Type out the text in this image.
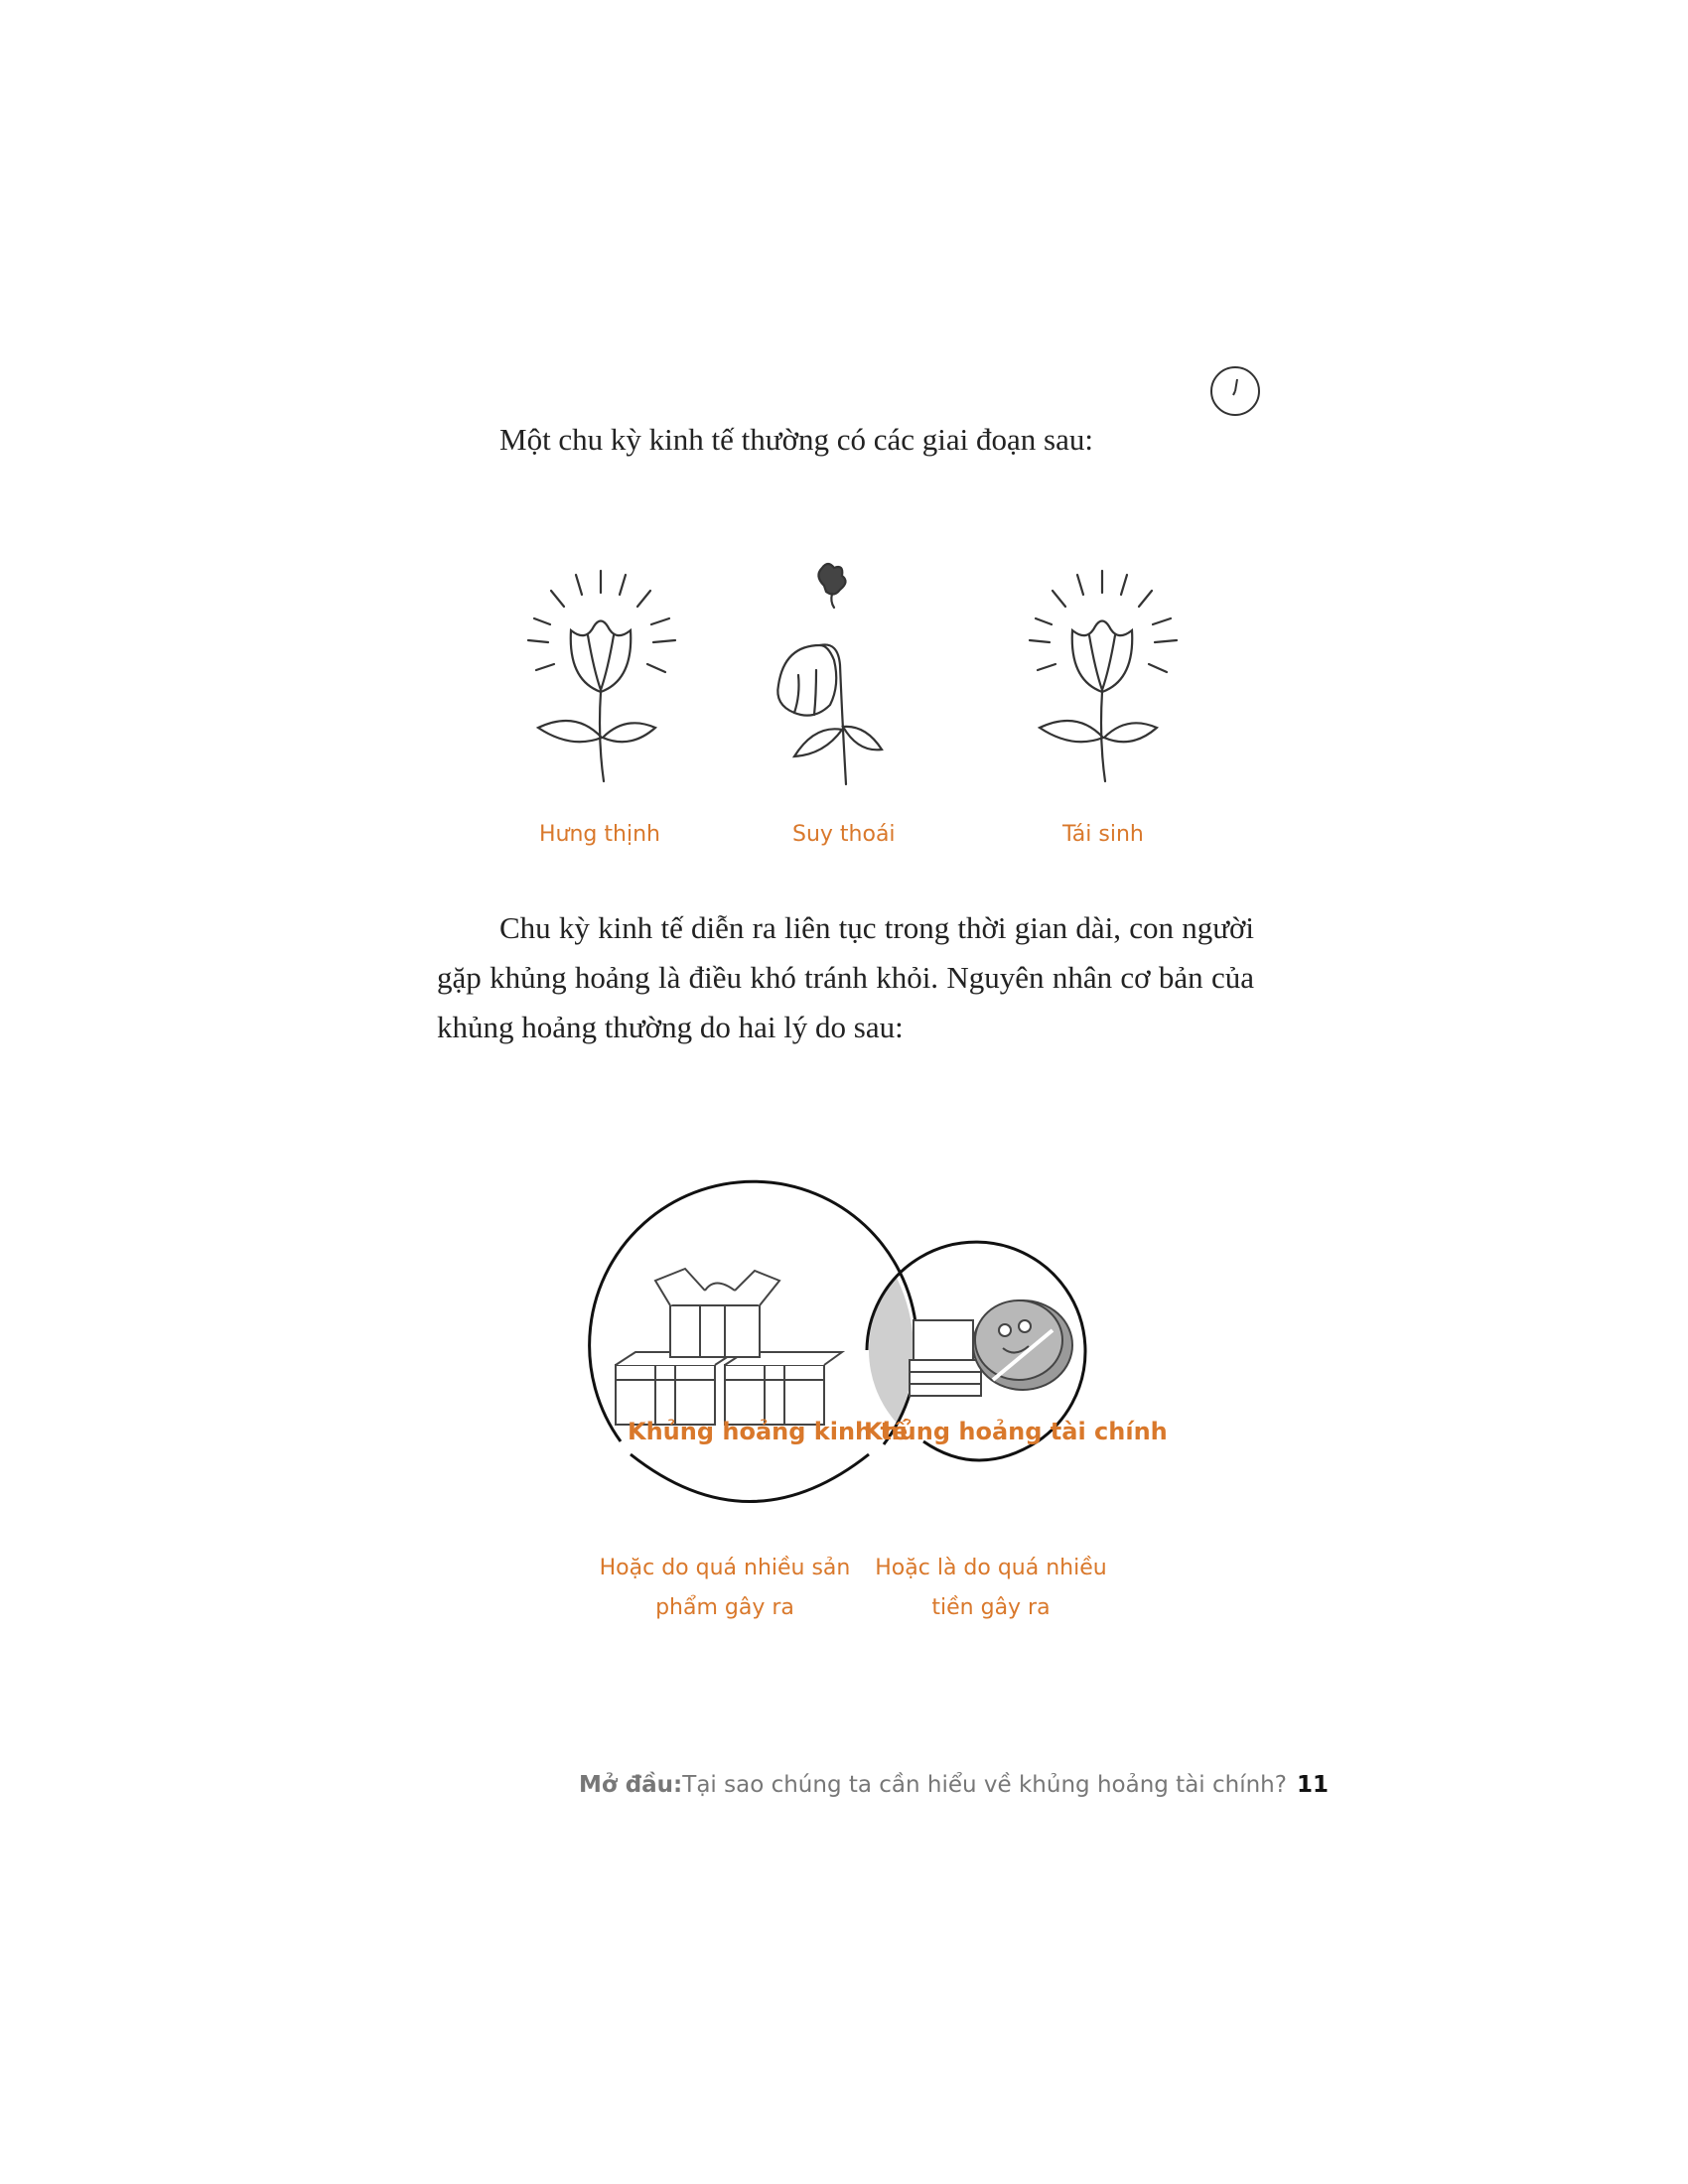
Một chu kỳ kinh tế thường có các giai đoạn sau:
Hưng thịnh	Suy thoái	Tái sinh
Chu kỳ kinh tế diễn ra liên tục trong thời gian dài, con người gặp khủng hoảng là điều khó tránh khỏi. Nguyên nhân cơ bản của khủng hoảng thường do hai lý do sau:
Khủng hoảng kinh tế
Khủng hoảng tài chính
Hoặc do quá nhiều sản
phẩm gây ra
Hoặc là do quá nhiều
tiền gây ra
Mở đầu:Tại sao chúng ta cần hiểu về khủng hoảng tài chính? 11
